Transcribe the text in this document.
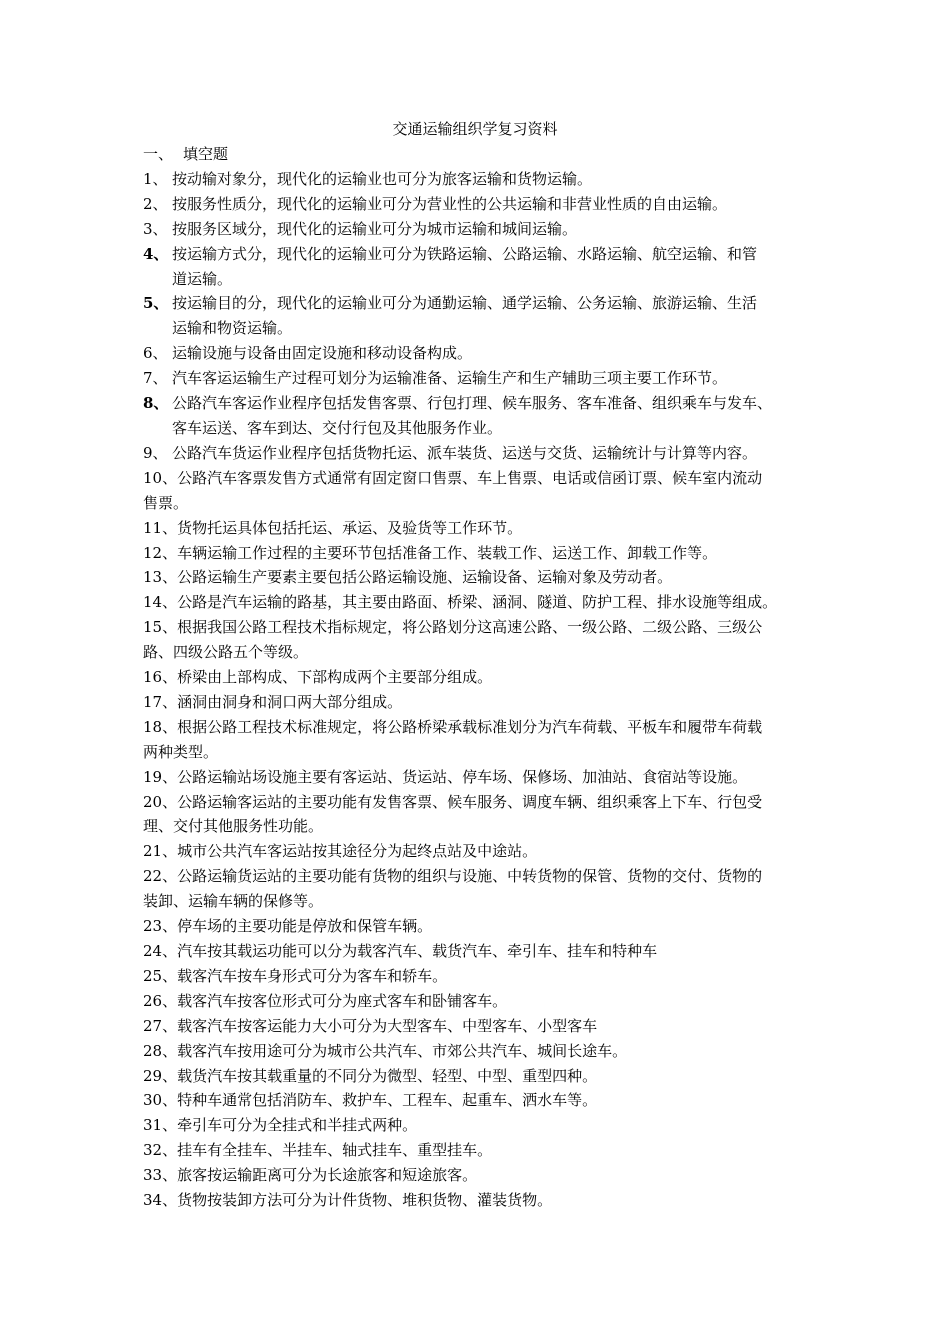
交通运输组织学复习资料
一、 填空题
1、 按动输对象分，现代化的运输业也可分为旅客运输和货物运输。
2、 按服务性质分，现代化的运输业可分为营业性的公共运输和非营业性质的自由运输。
3、 按服务区域分，现代化的运输业可分为城市运输和城间运输。
4、 按运输方式分，现代化的运输业可分为铁路运输、公路运输、水路运输、航空运输、和管
道运输。
5、 按运输目的分，现代化的运输业可分为通勤运输、通学运输、公务运输、旅游运输、生活
运输和物资运输。
6、 运输设施与设备由固定设施和移动设备构成。
7、 汽车客运运输生产过程可划分为运输准备、运输生产和生产辅助三项主要工作环节。
8、 公路汽车客运作业程序包括发售客票、行包打理、候车服务、客车准备、组织乘车与发车、
客车运送、客车到达、交付行包及其他服务作业。
9、 公路汽车货运作业程序包括货物托运、派车装货、运送与交货、运输统计与计算等内容。
10、公路汽车客票发售方式通常有固定窗口售票、车上售票、电话或信函订票、候车室内流动
售票。
11、货物托运具体包括托运、承运、及验货等工作环节。
12、车辆运输工作过程的主要环节包括准备工作、装载工作、运送工作、卸载工作等。
13、公路运输生产要素主要包括公路运输设施、运输设备、运输对象及劳动者。
14、公路是汽车运输的路基，其主要由路面、桥梁、涵洞、隧道、防护工程、排水设施等组成。
15、根据我国公路工程技术指标规定，将公路划分这高速公路、一级公路、二级公路、三级公
路、四级公路五个等级。
16、桥梁由上部构成、下部构成两个主要部分组成。
17、涵洞由洞身和洞口两大部分组成。
18、根据公路工程技术标准规定，将公路桥梁承载标准划分为汽车荷载、平板车和履带车荷载
两种类型。
19、公路运输站场设施主要有客运站、货运站、停车场、保修场、加油站、食宿站等设施。
20、公路运输客运站的主要功能有发售客票、候车服务、调度车辆、组织乘客上下车、行包受
理、交付其他服务性功能。
21、城市公共汽车客运站按其途径分为起终点站及中途站。
22、公路运输货运站的主要功能有货物的组织与设施、中转货物的保管、货物的交付、货物的
装卸、运输车辆的保修等。
23、停车场的主要功能是停放和保管车辆。
24、汽车按其载运功能可以分为载客汽车、载货汽车、牵引车、挂车和特种车
25、载客汽车按车身形式可分为客车和轿车。
26、载客汽车按客位形式可分为座式客车和卧铺客车。
27、载客汽车按客运能力大小可分为大型客车、中型客车、小型客车
28、载客汽车按用途可分为城市公共汽车、市郊公共汽车、城间长途车。
29、载货汽车按其载重量的不同分为微型、轻型、中型、重型四种。
30、特种车通常包括消防车、救护车、工程车、起重车、洒水车等。
31、牵引车可分为全挂式和半挂式两种。
32、挂车有全挂车、半挂车、轴式挂车、重型挂车。
33、旅客按运输距离可分为长途旅客和短途旅客。
34、货物按装卸方法可分为计件货物、堆积货物、灌装货物。
